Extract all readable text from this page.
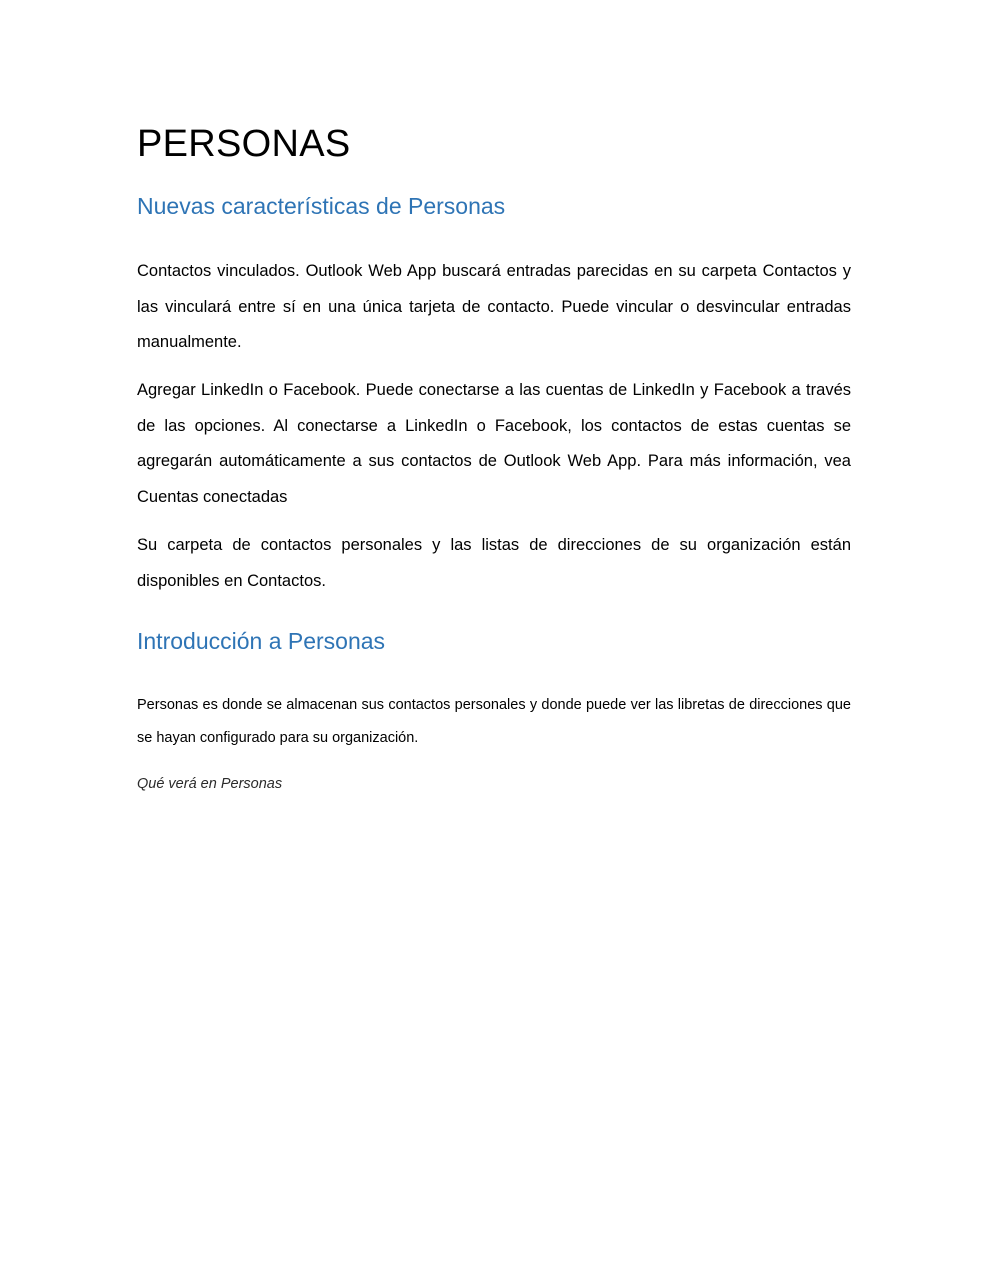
PERSONAS
Nuevas características de Personas

Contactos vinculados. Outlook Web App buscará entradas parecidas en su carpeta Contactos y las vinculará entre sí en una única tarjeta de contacto. Puede vincular o desvincular entradas manualmente.

Agregar LinkedIn o Facebook. Puede conectarse a las cuentas de LinkedIn y Facebook a través de las opciones. Al conectarse a LinkedIn o Facebook, los contactos de estas cuentas se agregarán automáticamente a sus contactos de Outlook Web App. Para más información, vea Cuentas conectadas

Su carpeta de contactos personales y las listas de direcciones de su organización están disponibles en Contactos.

Introducción a Personas

Personas es donde se almacenan sus contactos personales y donde puede ver las libretas de direcciones que se hayan configurado para su organización.

Qué verá en Personas
